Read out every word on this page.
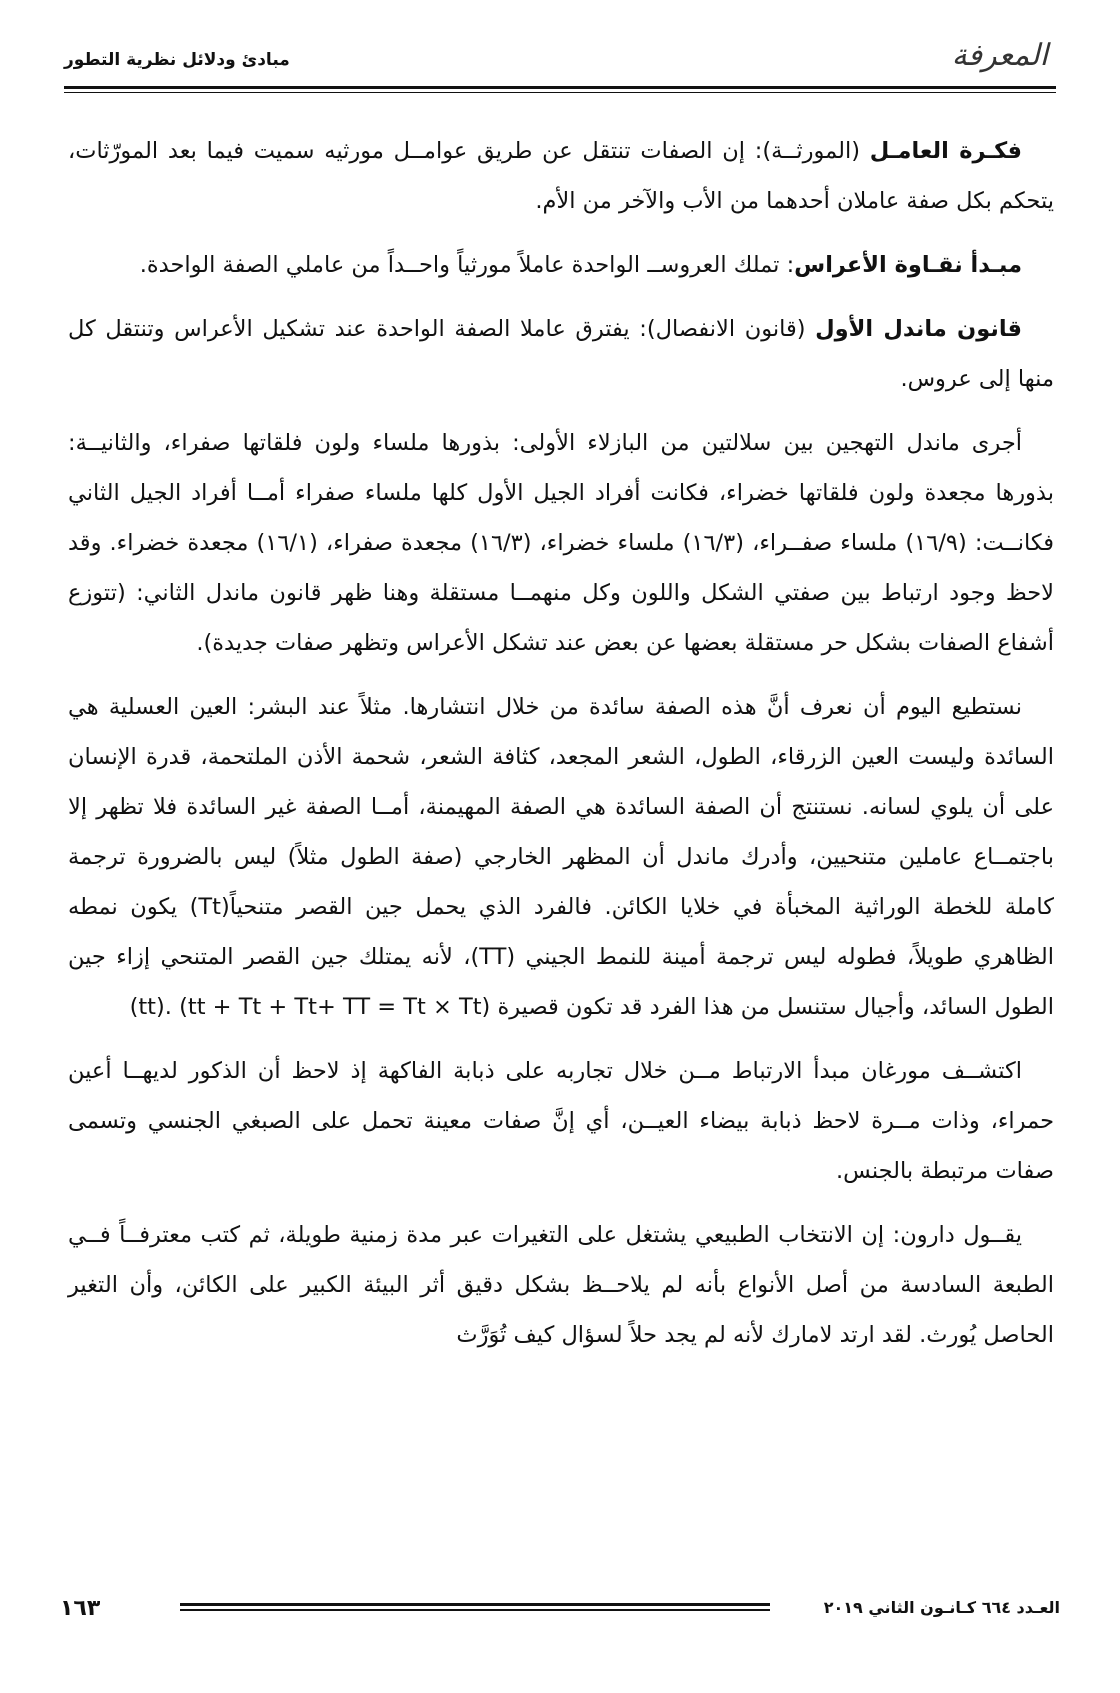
المعرفة
مبادئ ودلائل نظرية التطور

فكـرة العامـل (المورثــة): إن الصفات تنتقل عن طريق عوامــل مورثيه سميت فيما بعد المورّثات، يتحكم بكل صفة عاملان أحدهما من الأب والآخر من الأم.

مبـدأ نقـاوة الأعراس: تملك العروســ الواحدة عاملاً مورثياً واحــداً من عاملي الصفة الواحدة.

قانون ماندل الأول (قانون الانفصال): يفترق عاملا الصفة الواحدة عند تشكيل الأعراس وتنتقل كل منها إلى عروس.

أجرى ماندل التهجين بين سلالتين من البازلاء الأولى: بذورها ملساء ولون فلقاتها صفراء، والثانيــة: بذورها مجعدة ولون فلقاتها خضراء، فكانت أفراد الجيل الأول كلها ملساء صفراء أمــا أفراد الجيل الثاني فكانــت: (١٦/٩) ملساء صفــراء، (١٦/٣) ملساء خضراء، (١٦/٣) مجعدة صفراء، (١٦/١) مجعدة خضراء. وقد لاحظ وجود ارتباط بين صفتي الشكل واللون وكل منهمــا مستقلة وهنا ظهر قانون ماندل الثاني: (تتوزع أشفاع الصفات بشكل حر مستقلة بعضها عن بعض عند تشكل الأعراس وتظهر صفات جديدة).

نستطيع اليوم أن نعرف أنَّ هذه الصفة سائدة من خلال انتشارها. مثلاً عند البشر: العين العسلية هي السائدة وليست العين الزرقاء، الطول، الشعر المجعد، كثافة الشعر، شحمة الأذن الملتحمة، قدرة الإنسان على أن يلوي لسانه. نستنتج أن الصفة السائدة هي الصفة المهيمنة، أمــا الصفة غير السائدة فلا تظهر إلا باجتمــاع عاملين متنحيين، وأدرك ماندل أن المظهر الخارجي (صفة الطول مثلاً) ليس بالضرورة ترجمة كاملة للخطة الوراثية المخبأة في خلايا الكائن. فالفرد الذي يحمل جين القصر متنحياً(Tt) يكون نمطه الظاهري طويلاً، فطوله ليس ترجمة أمينة للنمط الجيني (TT)، لأنه يمتلك جين القصر المتنحي إزاء جين الطول السائد، وأجيال ستنسل من هذا الفرد قد تكون قصيرة (tt + Tt + Tt+ TT = Tt × Tt) .(tt)

اكتشــف مورغان مبدأ الارتباط مــن خلال تجاربه على ذبابة الفاكهة إذ لاحظ أن الذكور لديهــا أعين حمراء، وذات مــرة لاحظ ذبابة بيضاء العيــن، أي إنَّ صفات معينة تحمل على الصبغي الجنسي وتسمى صفات مرتبطة بالجنس.

يقــول دارون: إن الانتخاب الطبيعي يشتغل على التغيرات عبر مدة زمنية طويلة، ثم كتب معترفــاً فــي الطبعة السادسة من أصل الأنواع بأنه لم يلاحــظ بشكل دقيق أثر البيئة الكبير على الكائن، وأن التغير الحاصل يُورث. لقد ارتد لامارك لأنه لم يجد حلاً لسؤال كيف تُوَرَّث

١٦٣	العـدد ٦٦٤ كـانـون الثاني ٢٠١٩
